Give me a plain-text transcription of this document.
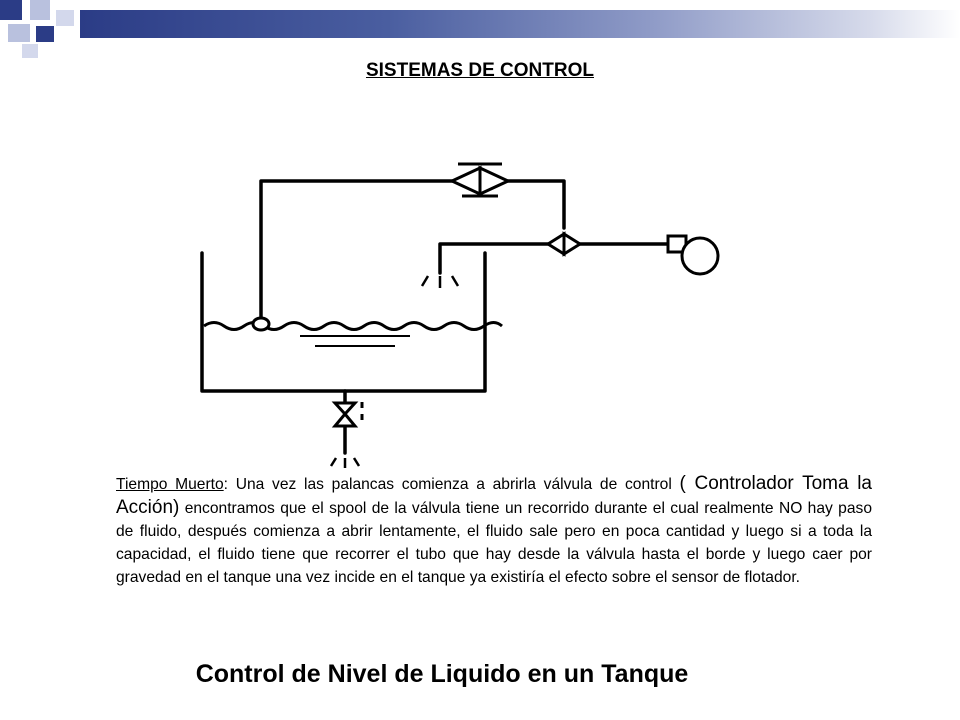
SISTEMAS DE CONTROL
Tiempo Muerto: Una vez las palancas comienza a abrirla válvula de control ( Controlador Toma la Acción) encontramos que el spool de la válvula tiene un recorrido durante el cual realmente NO hay paso de fluido, después comienza a abrir lentamente, el fluido sale pero en poca cantidad y luego si a toda la capacidad, el fluido tiene que recorrer el tubo que hay desde la válvula hasta el borde y luego caer por gravedad en el tanque una vez incide en el tanque ya existiría el efecto sobre el sensor de flotador.
Control de Nivel de Liquido en un Tanque
